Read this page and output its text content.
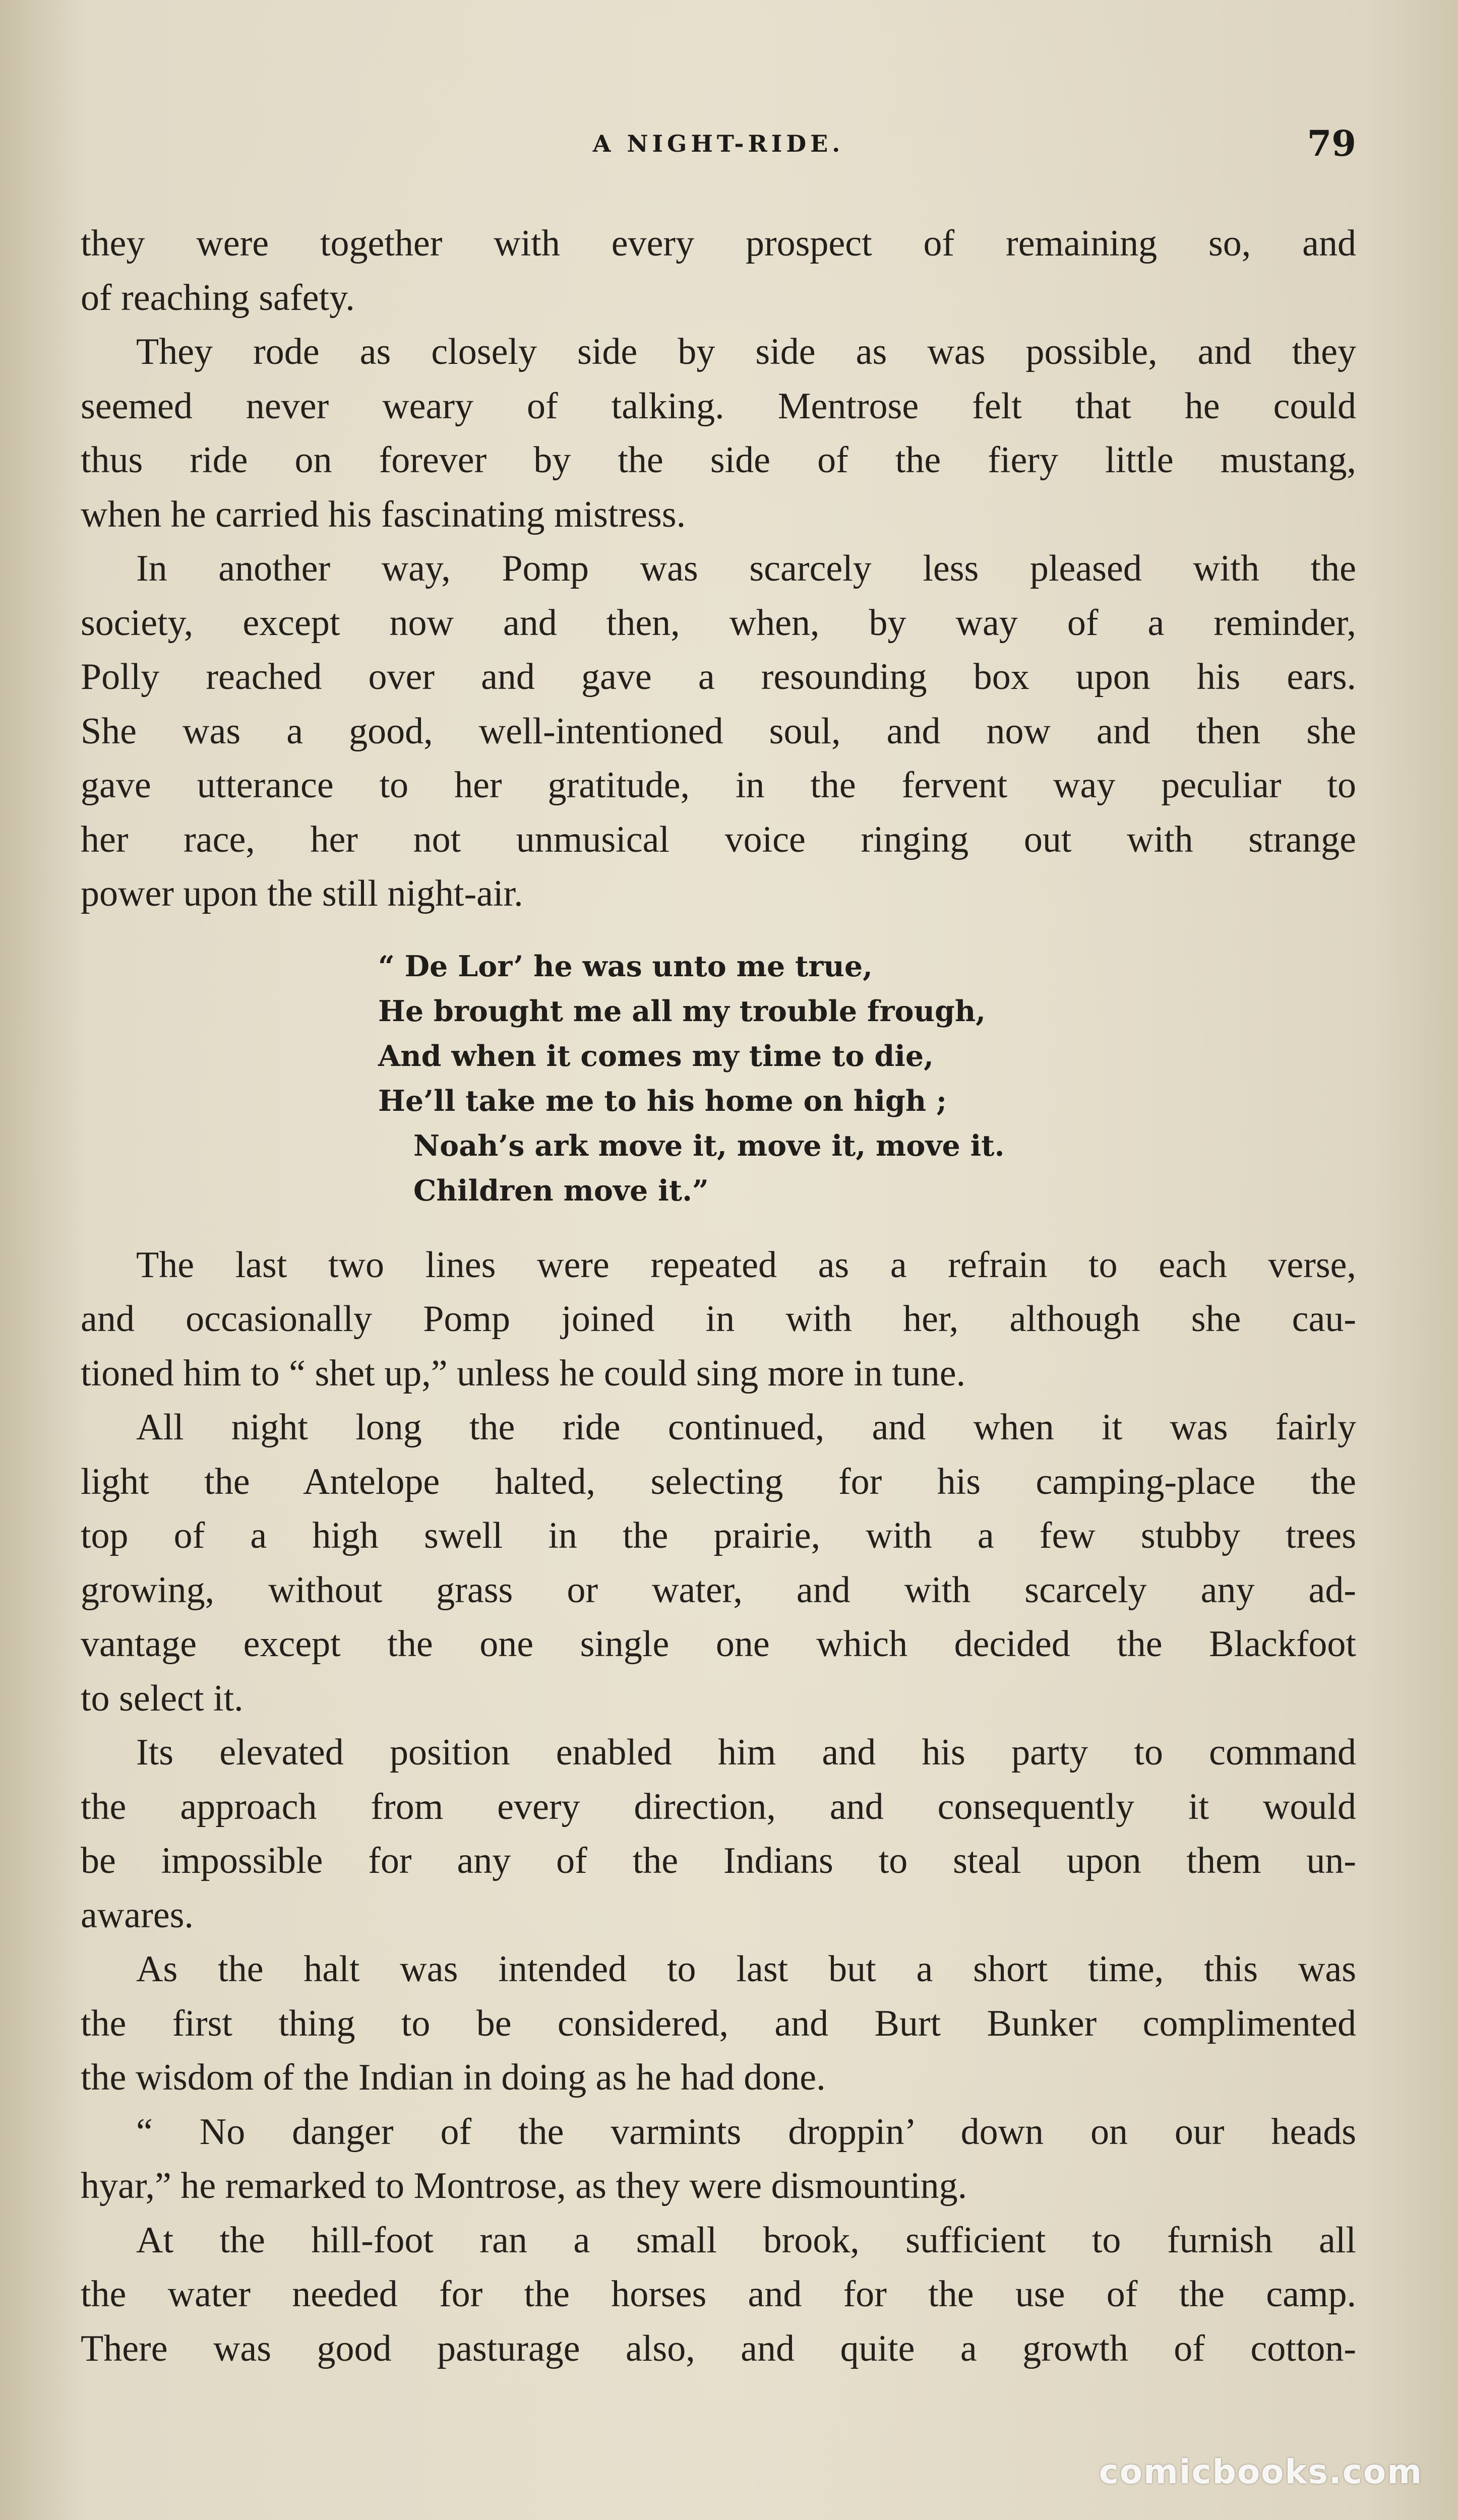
A NIGHT-RIDE.	79
they were together with every prospect of remaining so, and
of reaching safety.
They rode as closely side by side as was possible, and they
seemed never weary of talking. Mentrose felt that he could
thus ride on forever by the side of the fiery little mustang,
when he carried his fascinating mistress.
In another way, Pomp was scarcely less pleased with the
society, except now and then, when, by way of a reminder,
Polly reached over and gave a resounding box upon his ears.
She was a good, well-intentioned soul, and now and then she
gave utterance to her gratitude, in the fervent way peculiar to
her race, her not unmusical voice ringing out with strange
power upon the still night-air.
“ De Lor’ he was unto me true,
He brought me all my trouble frough,
And when it comes my time to die,
He’ll take me to his home on high ;
Noah’s ark move it, move it, move it.
Children move it.”
The last two lines were repeated as a refrain to each verse,
and occasionally Pomp joined in with her, although she cau-
tioned him to “ shet up,” unless he could sing more in tune.
All night long the ride continued, and when it was fairly
light the Antelope halted, selecting for his camping-place the
top of a high swell in the prairie, with a few stubby trees
growing, without grass or water, and with scarcely any ad-
vantage except the one single one which decided the Blackfoot
to select it.
Its elevated position enabled him and his party to command
the approach from every direction, and consequently it would
be impossible for any of the Indians to steal upon them un-
awares.
As the halt was intended to last but a short time, this was
the first thing to be considered, and Burt Bunker complimented
the wisdom of the Indian in doing as he had done.
“ No danger of the varmints droppin’ down on our heads
hyar,” he remarked to Montrose, as they were dismounting.
At the hill-foot ran a small brook, sufficient to furnish all
the water needed for the horses and for the use of the camp.
There was good pasturage also, and quite a growth of cotton-
comicbooks.com
